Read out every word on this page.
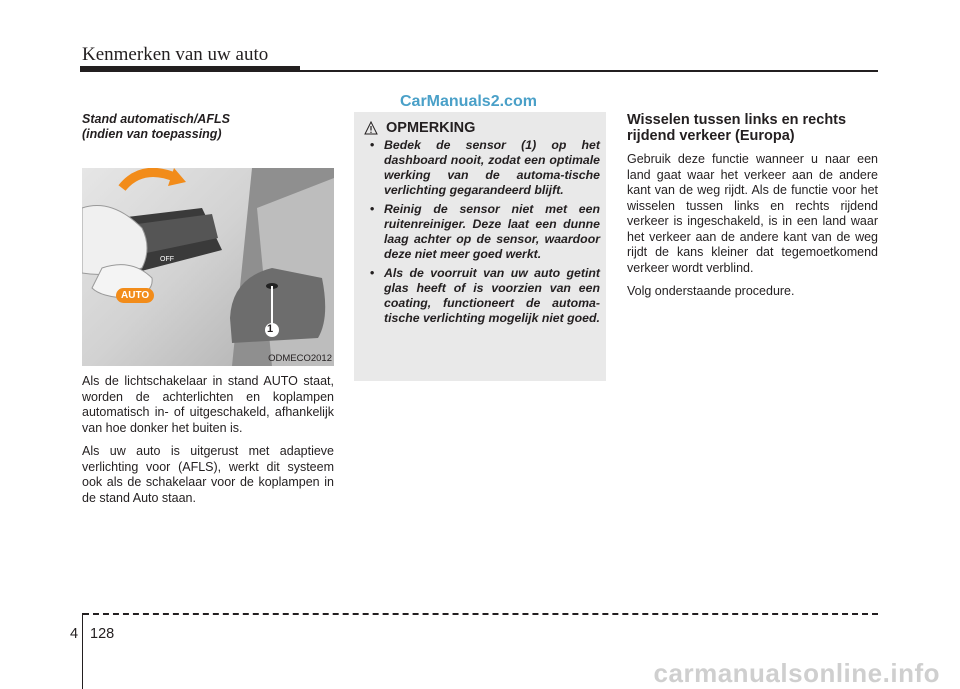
Kenmerken van uw auto
CarManuals2.com

Stand automatisch/AFLS
(indien van toepassing)

AUTO
OFF
1
ODMECO2012

Als de lichtschakelaar in stand AUTO staat, worden de achterlichten en koplampen automatisch in- of uitgeschakeld, afhankelijk van hoe donker het buiten is.

Als uw auto is uitgerust met adaptieve verlichting voor (AFLS), werkt dit systeem ook als de schakelaar voor de koplampen in de stand Auto staan.

OPMERKING
• Bedek de sensor (1) op het dashboard nooit, zodat een optimale werking van de automa-tische verlichting gegarandeerd blijft.
• Reinig de sensor niet met een ruitenreiniger. Deze laat een dunne laag achter op de sensor, waardoor deze niet meer goed werkt.
• Als de voorruit van uw auto getint glas heeft of is voorzien van een coating, functioneert de automa-tische verlichting mogelijk niet goed.

Wisselen tussen links en rechts rijdend verkeer (Europa)

Gebruik deze functie wanneer u naar een land gaat waar het verkeer aan de andere kant van de weg rijdt. Als de functie voor het wisselen tussen links en rechts rijdend verkeer is ingeschakeld, is in een land waar het verkeer aan de andere kant van de weg rijdt de kans kleiner dat tegemoetkomend verkeer wordt verblind.

Volg onderstaande procedure.

4 128
carmanualsonline.info
